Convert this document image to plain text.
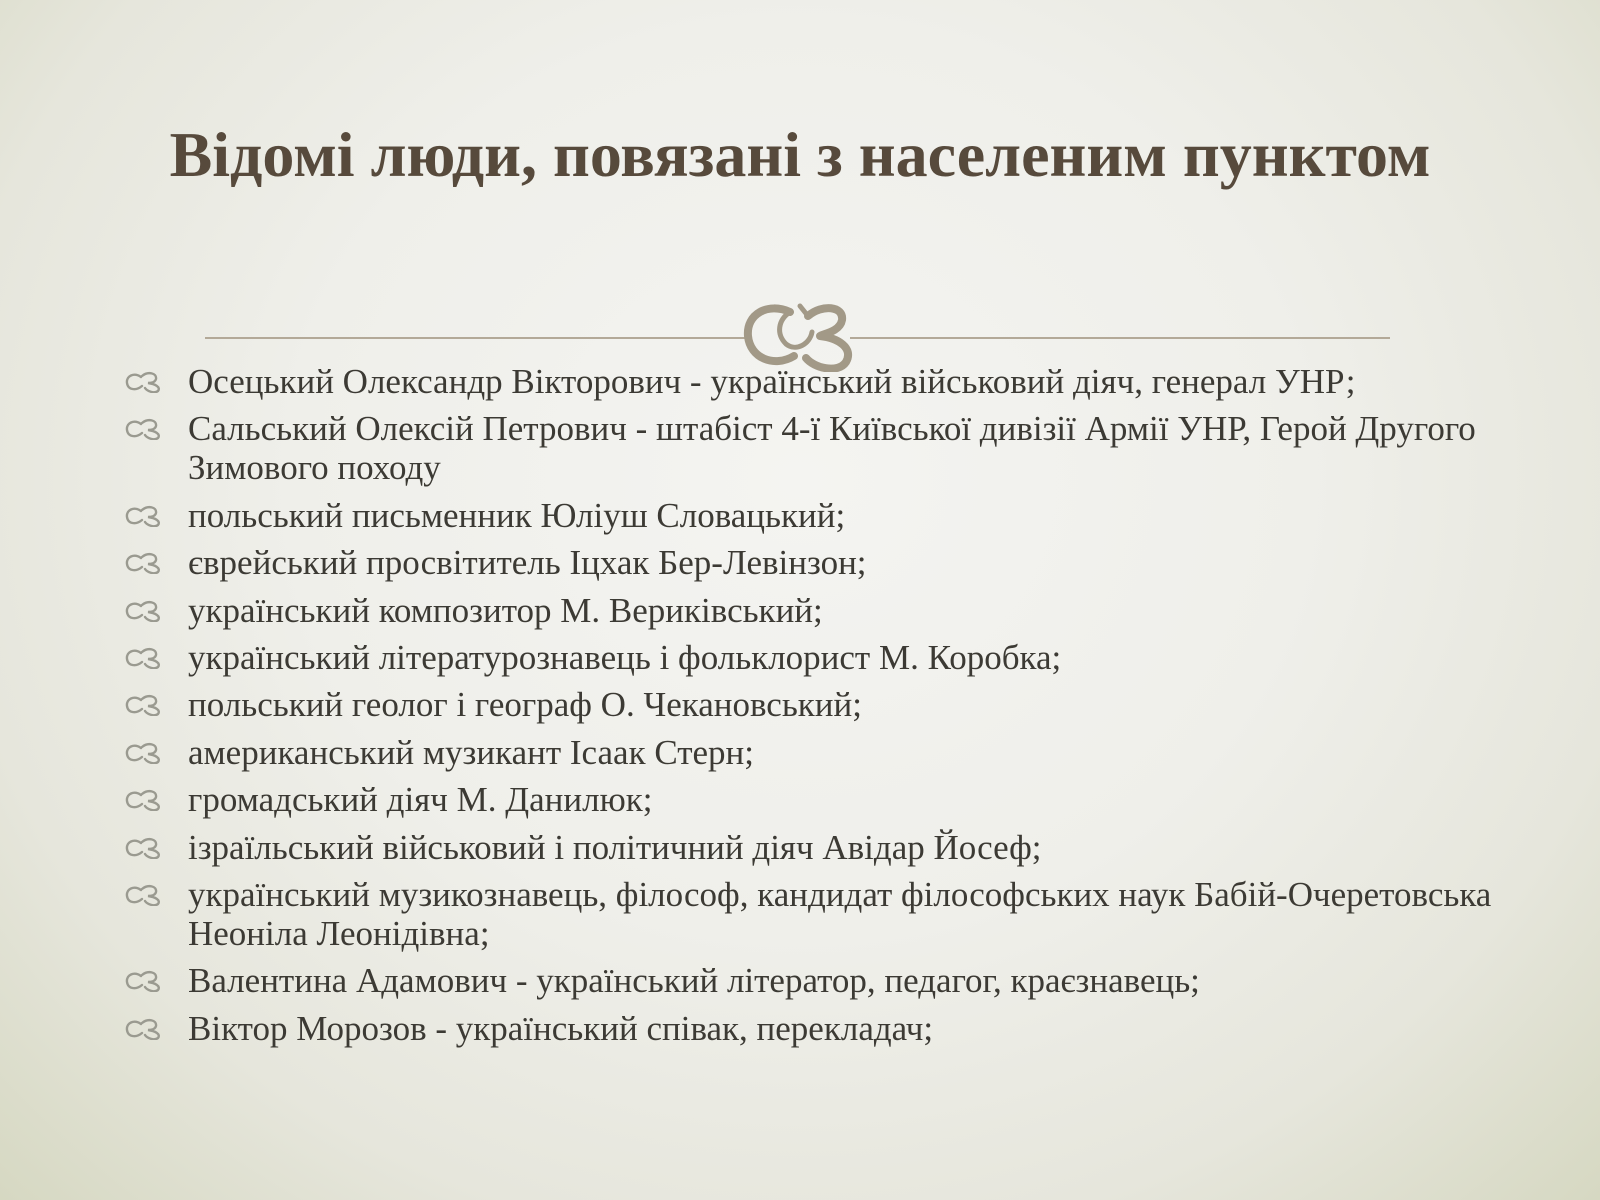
Відомі люди, повязані з населеним пунктом
Осецький Олександр Вікторович - український військовий діяч, генерал УНР;
Сальський Олексій Петрович - штабіст 4-ї Київської дивізії Армії УНР, Герой Другого Зимового походу
польський письменник Юліуш Словацький;
єврейський просвітитель Іцхак Бер-Левінзон;
український композитор М. Вериківський;
український літературознавець і фольклорист М. Коробка;
польський геолог і географ О. Чекановський;
американський музикант Ісаак Стерн;
громадський діяч М. Данилюк;
ізраїльський військовий і політичний діяч Авідар Йосеф;
український музикознавець, філософ, кандидат філософських наук Бабій-Очеретовська Неоніла Леонідівна;
Валентина Адамович - український літератор, педагог, краєзнавець;
Віктор Морозов - український співак, перекладач;
